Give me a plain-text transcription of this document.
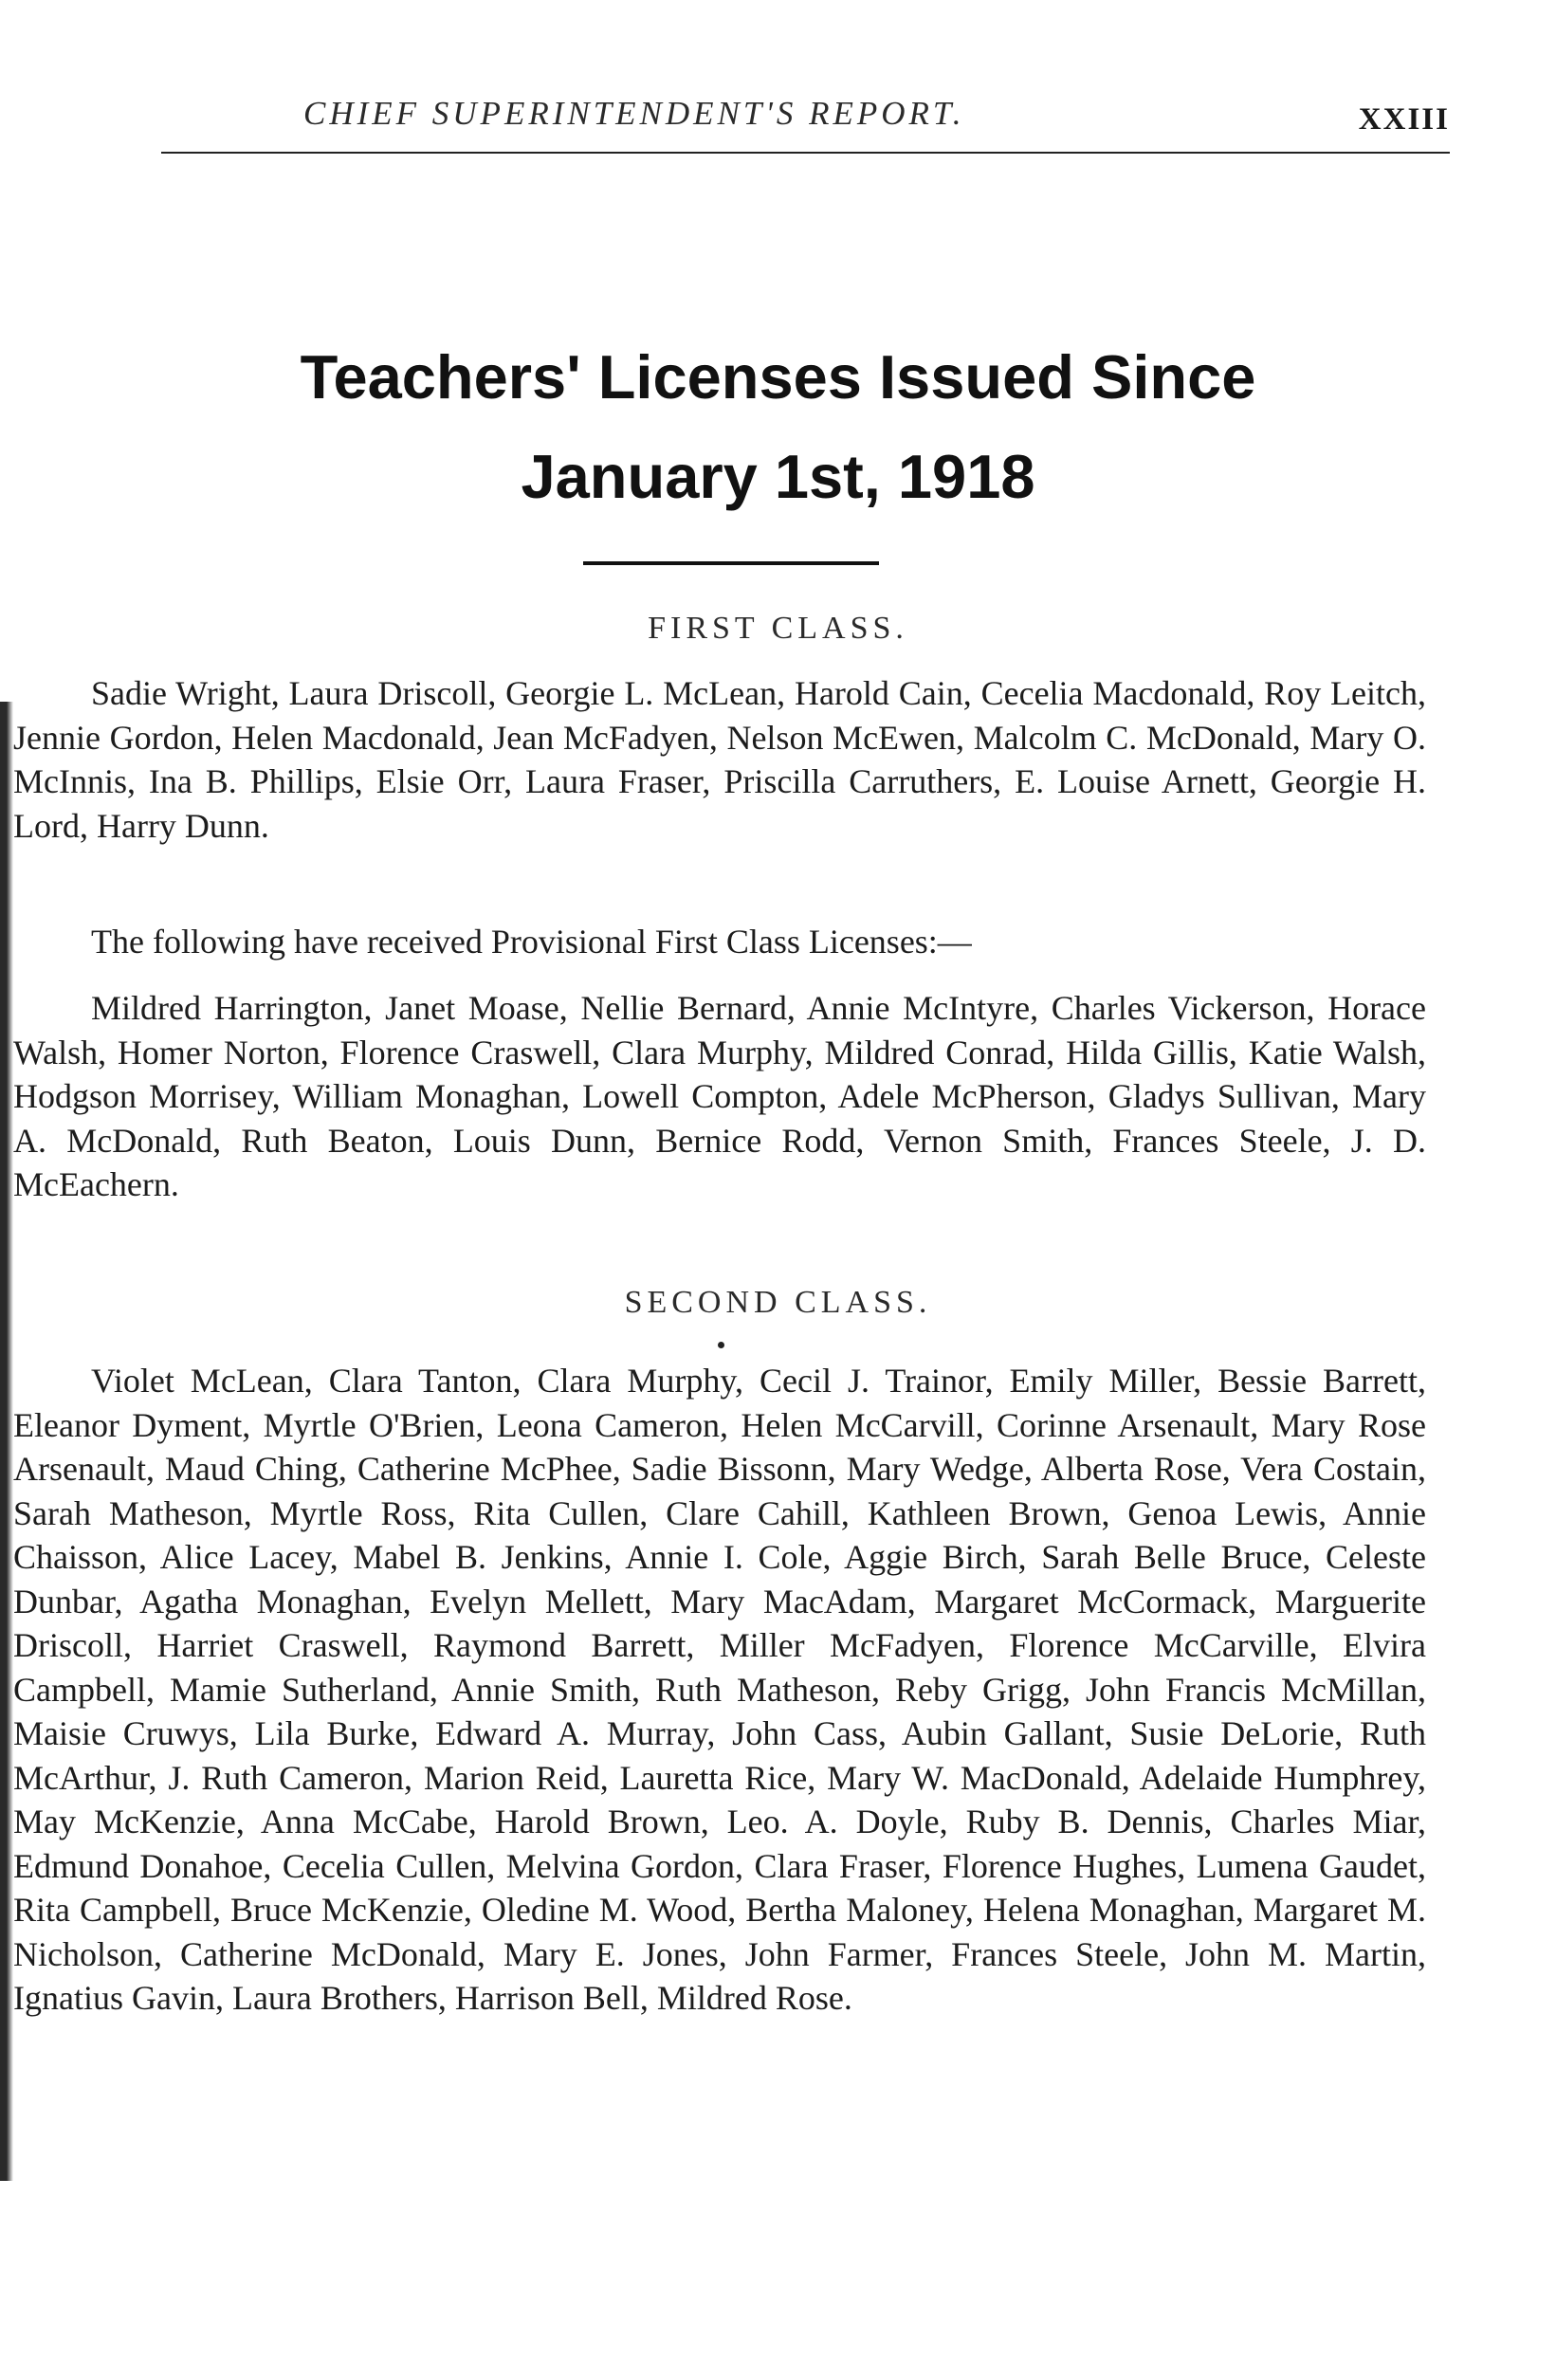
CHIEF SUPERINTENDENT'S REPORT.	XXIII
Teachers' Licenses Issued Since
January 1st, 1918
FIRST CLASS.

Sadie Wright, Laura Driscoll, Georgie L. McLean, Harold Cain, Cecelia Macdonald, Roy Leitch, Jennie Gordon, Helen Macdonald, Jean McFadyen, Nelson McEwen, Malcolm C. McDonald, Mary O. McInnis, Ina B. Phillips, Elsie Orr, Laura Fraser, Priscilla Carruthers, E. Louise Arnett, Georgie H. Lord, Harry Dunn.

The following have received Provisional First Class Licenses:—

Mildred Harrington, Janet Moase, Nellie Bernard, Annie McIntyre, Charles Vickerson, Horace Walsh, Homer Norton, Florence Craswell, Clara Murphy, Mildred Conrad, Hilda Gillis, Katie Walsh, Hodgson Morrisey, William Monaghan, Lowell Compton, Adele McPherson, Gladys Sullivan, Mary A. McDonald, Ruth Beaton, Louis Dunn, Bernice Rodd, Vernon Smith, Frances Steele, J. D. McEachern.

SECOND CLASS.

Violet McLean, Clara Tanton, Clara Murphy, Cecil J. Trainor, Emily Miller, Bessie Barrett, Eleanor Dyment, Myrtle O'Brien, Leona Cameron, Helen McCarvill, Corinne Arsenault, Mary Rose Arsenault, Maud Ching, Catherine McPhee, Sadie Bissonn, Mary Wedge, Alberta Rose, Vera Costain, Sarah Matheson, Myrtle Ross, Rita Cullen, Clare Cahill, Kathleen Brown, Genoa Lewis, Annie Chaisson, Alice Lacey, Mabel B. Jenkins, Annie I. Cole, Aggie Birch, Sarah Belle Bruce, Celeste Dunbar, Agatha Monaghan, Evelyn Mellett, Mary MacAdam, Margaret McCormack, Marguerite Driscoll, Harriet Craswell, Raymond Barrett, Miller McFadyen, Florence McCarville, Elvira Campbell, Mamie Sutherland, Annie Smith, Ruth Matheson, Reby Grigg, John Francis McMillan, Maisie Cruwys, Lila Burke, Edward A. Murray, John Cass, Aubin Gallant, Susie DeLorie, Ruth McArthur, J. Ruth Cameron, Marion Reid, Lauretta Rice, Mary W. MacDonald, Adelaide Humphrey, May McKenzie, Anna McCabe, Harold Brown, Leo. A. Doyle, Ruby B. Dennis, Charles Miar, Edmund Donahoe, Cecelia Cullen, Melvina Gordon, Clara Fraser, Florence Hughes, Lumena Gaudet, Rita Campbell, Bruce McKenzie, Oledine M. Wood, Bertha Maloney, Helena Monaghan, Margaret M. Nicholson, Catherine McDonald, Mary E. Jones, John Farmer, Frances Steele, John M. Martin, Ignatius Gavin, Laura Brothers, Harrison Bell, Mildred Rose.
